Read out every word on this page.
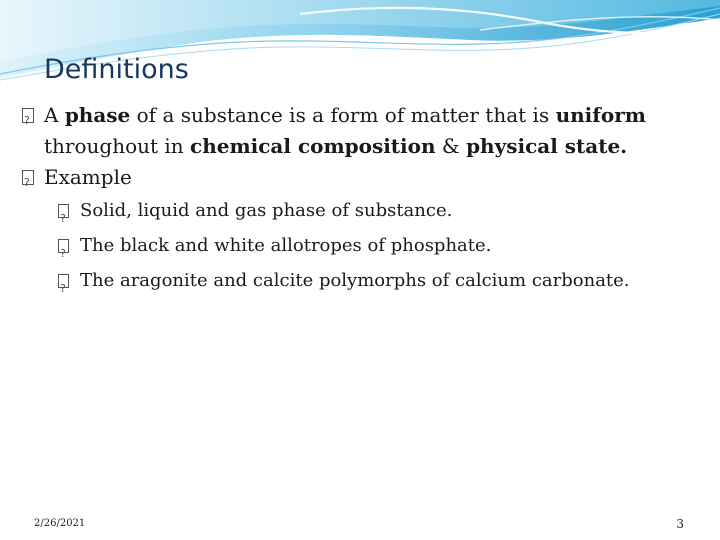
Definitions
?
A phase of a substance is a form of matter that is uniform throughout in chemical composition & physical state.
?
Example
?
Solid, liquid and gas phase of substance.
?
The black and white allotropes of phosphate.
?
The aragonite and calcite polymorphs of calcium carbonate.
2/26/2021	3
